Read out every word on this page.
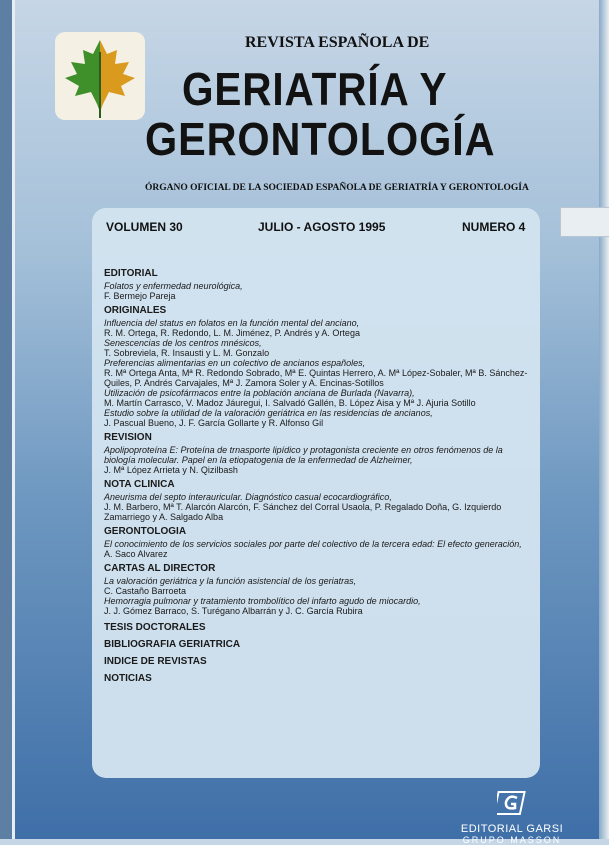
REVISTA ESPAÑOLA DE
GERIATRÍA Y
GERONTOLOGÍA
ÓRGANO OFICIAL DE LA SOCIEDAD ESPAÑOLA DE GERIATRÍA Y GERONTOLOGÍA
VOLUMEN 30	JULIO - AGOSTO 1995	NUMERO 4
EDITORIAL
Folatos y enfermedad neurológica,
F. Bermejo Pareja
ORIGINALES
Influencia del status en folatos en la función mental del anciano,
R. M. Ortega, R. Redondo, L. M. Jiménez, P. Andrés y A. Ortega
Senescencias de los centros mnésicos,
T. Sobreviela, R. Insausti y L. M. Gonzalo
Preferencias alimentarias en un colectivo de ancianos españoles,
R. Mª Ortega Anta, Mª R. Redondo Sobrado, Mª E. Quintas Herrero, A. Mª López-Sobaler, Mª B. Sánchez-Quiles, P. Andrés Carvajales, Mª J. Zamora Soler y A. Encinas-Sotillos
Utilización de psicofármacos entre la población anciana de Burlada (Navarra),
M. Martín Carrasco, V. Madoz Jáuregui, I. Salvadó Gallén, B. López Aisa y Mª J. Ajuria Sotillo
Estudio sobre la utilidad de la valoración geriátrica en las residencias de ancianos,
J. Pascual Bueno, J. F. García Gollarte y R. Alfonso Gil
REVISION
Apolipoproteína E: Proteína de trnasporte lipídico y protagonista creciente en otros fenómenos de la biología molecular. Papel en la etiopatogenia de la enfermedad de Alzheimer,
J. Mª López Arrieta y N. Qizilbash
NOTA CLINICA
Aneurisma del septo interauricular. Diagnóstico casual ecocardiográfico,
J. M. Barbero, Mª T. Alarcón Alarcón, F. Sánchez del Corral Usaola, P. Regalado Doña, G. Izquierdo Zamarriego y A. Salgado Alba
GERONTOLOGIA
El conocimiento de los servicios sociales por parte del colectivo de la tercera edad: El efecto generación,
A. Saco Alvarez
CARTAS AL DIRECTOR
La valoración geriátrica y la función asistencial de los geriatras,
C. Castaño Barroeta
Hemorragia pulmonar y tratamiento trombolítico del infarto agudo de miocardio,
J. J. Gómez Barraco, S. Turégano Albarrán y J. C. García Rubira
TESIS DOCTORALES
BIBLIOGRAFIA GERIATRICA
INDICE DE REVISTAS
NOTICIAS
EDITORIAL GARSI
GRUPO MASSON
